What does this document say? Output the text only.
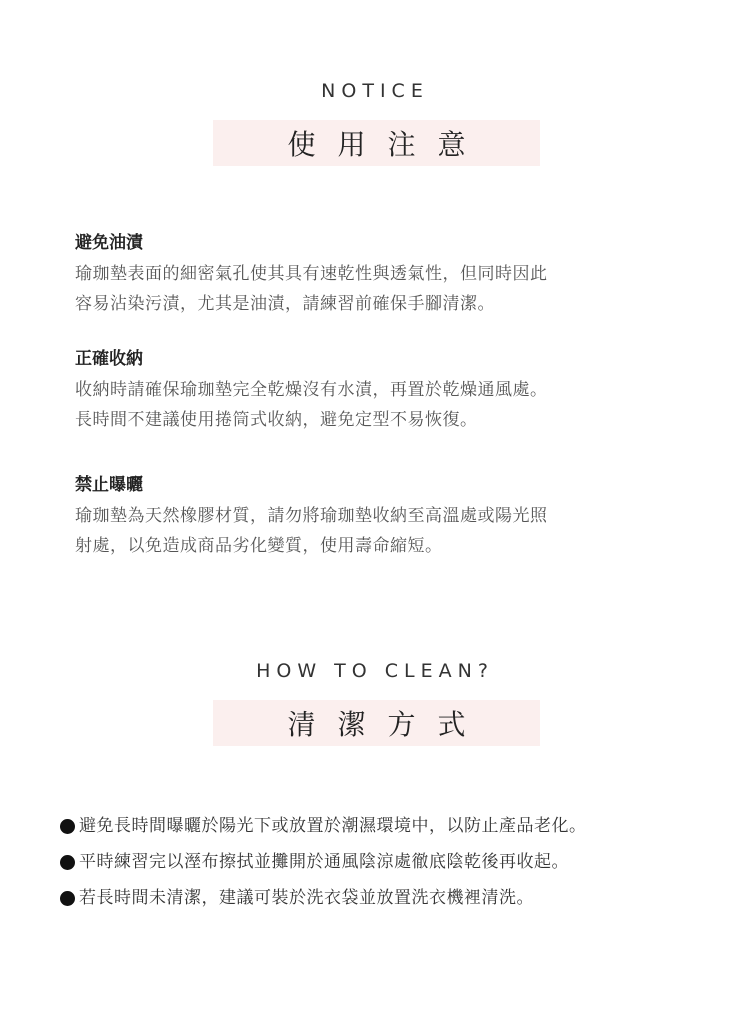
NOTICE
使用注意
避免油漬

瑜珈墊表面的細密氣孔使其具有速乾性與透氣性，但同時因此

容易沾染污漬，尤其是油漬，請練習前確保手腳清潔。

正確收納

收納時請確保瑜珈墊完全乾燥沒有水漬，再置於乾燥通風處。

長時間不建議使用捲筒式收納，避免定型不易恢復。

禁止曝曬

瑜珈墊為天然橡膠材質，請勿將瑜珈墊收納至高溫處或陽光照

射處，以免造成商品劣化變質，使用壽命縮短。

HOW TO CLEAN?
清潔方式
避免長時間曝曬於陽光下或放置於潮濕環境中，以防止產品老化。
平時練習完以溼布擦拭並攤開於通風陰涼處徹底陰乾後再收起。
若長時間未清潔，建議可裝於洗衣袋並放置洗衣機裡清洗。
